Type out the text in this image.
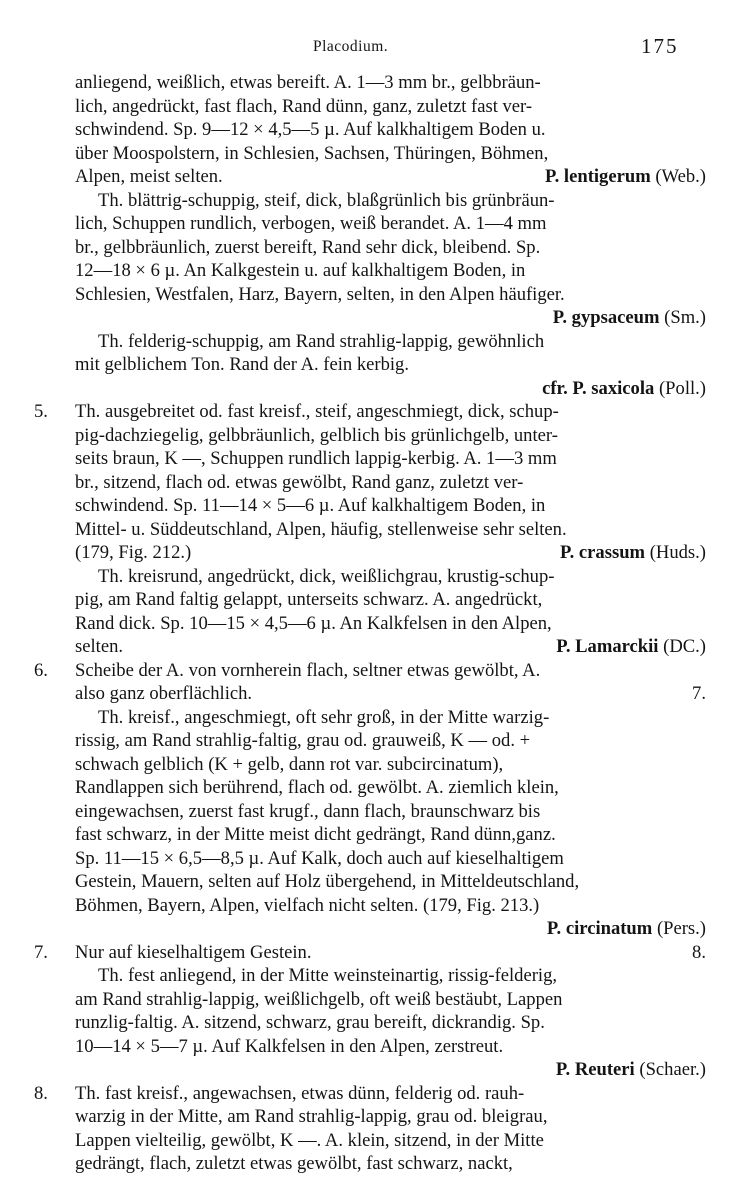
Placodium.	175
anliegend, weißlich, etwas bereift. A. 1—3 mm br., gelbbräun-
lich, angedrückt, fast flach, Rand dünn, ganz, zuletzt fast ver-
schwindend. Sp. 9—12 × 4,5—5 µ. Auf kalkhaltigem Boden u.
über Moospolstern, in Schlesien, Sachsen, Thüringen, Böhmen,
Alpen, meist selten.	P. lentigerum (Web.)
Th. blättrig-schuppig, steif, dick, blaßgrünlich bis grünbräun-
lich, Schuppen rundlich, verbogen, weiß berandet. A. 1—4 mm
br., gelbbräunlich, zuerst bereift, Rand sehr dick, bleibend. Sp.
12—18 × 6 µ. An Kalkgestein u. auf kalkhaltigem Boden, in
Schlesien, Westfalen, Harz, Bayern, selten, in den Alpen häufiger.
P. gypsaceum (Sm.)
Th. felderig-schuppig, am Rand strahlig-lappig, gewöhnlich
mit gelblichem Ton. Rand der A. fein kerbig.
cfr. P. saxicola (Poll.)
5. Th. ausgebreitet od. fast kreisf., steif, angeschmiegt, dick, schup-
pig-dachziegelig, gelbbräunlich, gelblich bis grünlichgelb, unter-
seits braun, K —, Schuppen rundlich lappig-kerbig. A. 1—3 mm
br., sitzend, flach od. etwas gewölbt, Rand ganz, zuletzt ver-
schwindend. Sp. 11—14 × 5—6 µ. Auf kalkhaltigem Boden, in
Mittel- u. Süddeutschland, Alpen, häufig, stellenweise sehr selten.
(179, Fig. 212.)	P. crassum (Huds.)
Th. kreisrund, angedrückt, dick, weißlichgrau, krustig-schup-
pig, am Rand faltig gelappt, unterseits schwarz. A. angedrückt,
Rand dick. Sp. 10—15 × 4,5—6 µ. An Kalkfelsen in den Alpen,
selten.	P. Lamarckii (DC.)
6. Scheibe der A. von vornherein flach, seltner etwas gewölbt, A.
also ganz oberflächlich.	7.
Th. kreisf., angeschmiegt, oft sehr groß, in der Mitte warzig-
rissig, am Rand strahlig-faltig, grau od. grauweiß, K — od. +
schwach gelblich (K + gelb, dann rot var. subcircinatum),
Randlappen sich berührend, flach od. gewölbt. A. ziemlich klein,
eingewachsen, zuerst fast krugf., dann flach, braunschwarz bis
fast schwarz, in der Mitte meist dicht gedrängt, Rand dünn,ganz.
Sp. 11—15 × 6,5—8,5 µ. Auf Kalk, doch auch auf kieselhaltigem
Gestein, Mauern, selten auf Holz übergehend, in Mitteldeutschland,
Böhmen, Bayern, Alpen, vielfach nicht selten. (179, Fig. 213.)
P. circinatum (Pers.)
7. Nur auf kieselhaltigem Gestein.	8.
Th. fest anliegend, in der Mitte weinsteinartig, rissig-felderig,
am Rand strahlig-lappig, weißlichgelb, oft weiß bestäubt, Lappen
runzlig-faltig. A. sitzend, schwarz, grau bereift, dickrandig. Sp.
10—14 × 5—7 µ. Auf Kalkfelsen in den Alpen, zerstreut.
P. Reuteri (Schaer.)
8. Th. fast kreisf., angewachsen, etwas dünn, felderig od. rauh-
warzig in der Mitte, am Rand strahlig-lappig, grau od. bleigrau,
Lappen vielteilig, gewölbt, K —. A. klein, sitzend, in der Mitte
gedrängt, flach, zuletzt etwas gewölbt, fast schwarz, nackt,
